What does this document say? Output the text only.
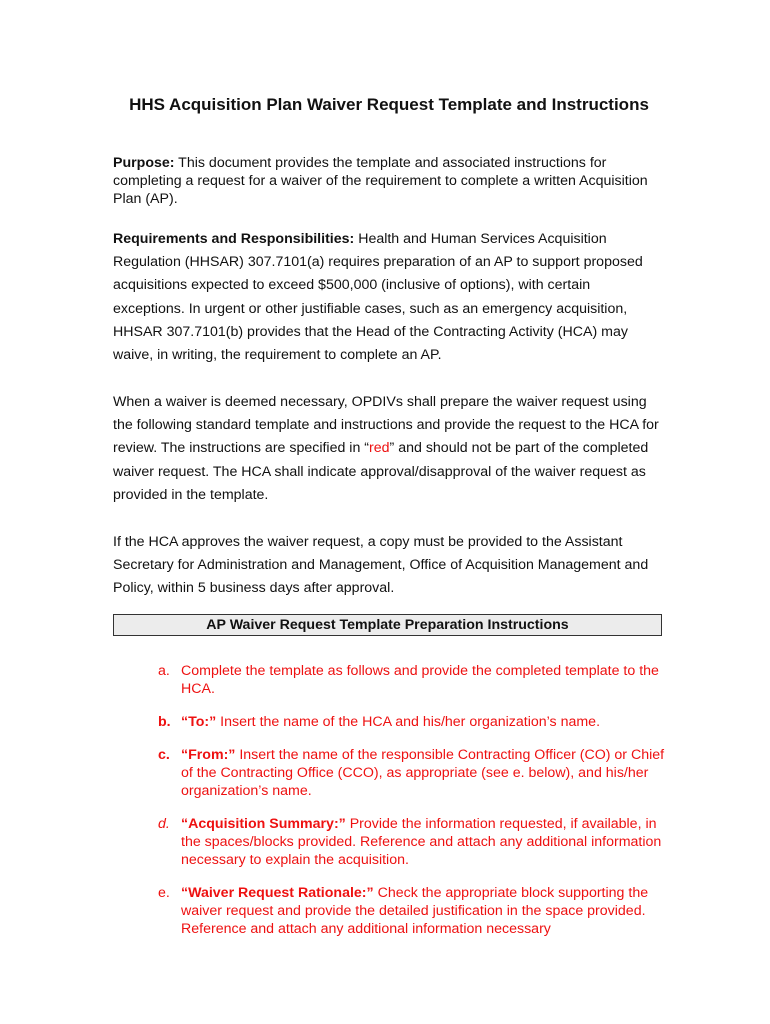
HHS Acquisition Plan Waiver Request Template and Instructions
Purpose: This document provides the template and associated instructions for completing a request for a waiver of the requirement to complete a written Acquisition Plan (AP).
Requirements and Responsibilities: Health and Human Services Acquisition Regulation (HHSAR) 307.7101(a) requires preparation of an AP to support proposed acquisitions expected to exceed $500,000 (inclusive of options), with certain exceptions. In urgent or other justifiable cases, such as an emergency acquisition, HHSAR 307.7101(b) provides that the Head of the Contracting Activity (HCA) may waive, in writing, the requirement to complete an AP.
When a waiver is deemed necessary, OPDIVs shall prepare the waiver request using the following standard template and instructions and provide the request to the HCA for review. The instructions are specified in “red” and should not be part of the completed waiver request. The HCA shall indicate approval/disapproval of the waiver request as provided in the template.
If the HCA approves the waiver request, a copy must be provided to the Assistant Secretary for Administration and Management, Office of Acquisition Management and Policy, within 5 business days after approval.
AP Waiver Request Template Preparation Instructions
a. Complete the template as follows and provide the completed template to the HCA.
b. “To:” Insert the name of the HCA and his/her organization’s name.
c. “From:” Insert the name of the responsible Contracting Officer (CO) or Chief of the Contracting Office (CCO), as appropriate (see e. below), and his/her organization’s name.
d. “Acquisition Summary:” Provide the information requested, if available, in the spaces/blocks provided. Reference and attach any additional information necessary to explain the acquisition.
e. “Waiver Request Rationale:” Check the appropriate block supporting the waiver request and provide the detailed justification in the space provided. Reference and attach any additional information necessary
